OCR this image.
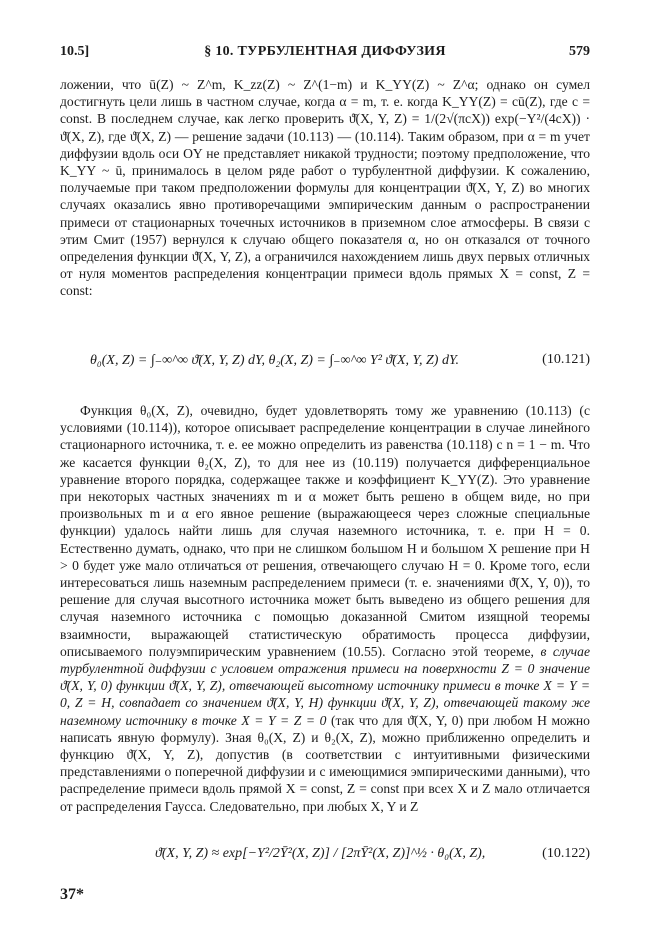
10.5]	§ 10. ТУРБУЛЕНТНАЯ ДИФФУЗИЯ	579

ложении, что ū(Z) ~ Z^m, K_zz(Z) ~ Z^(1−m) и K_YY(Z) ~ Z^α; однако он сумел достигнуть цели лишь в частном случае, когда α = m, т. е. когда K_YY(Z) = cū(Z), где c = const. В последнем случае, как легко проверить ϑ̄(X, Y, Z) = 1/(2√(πcX)) exp(−Y²/(4cX)) · ϑ̄(X, Z), где ϑ̄(X, Z) — решение задачи (10.113) — (10.114). Таким образом, при α = m учет диффузии вдоль оси OY не представляет никакой трудности; поэтому предположение, что K_YY ~ ū, принималось в целом ряде работ о турбулентной диффузии. К сожалению, получаемые при таком предположении формулы для концентрации ϑ̄(X, Y, Z) во многих случаях оказались явно противоречащими эмпирическим данным о распространении примеси от стационарных точечных источников в приземном слое атмосферы. В связи с этим Смит (1957) вернулся к случаю общего показателя α, но он отказался от точного определения функции ϑ̄(X, Y, Z), а ограничился нахождением лишь двух первых отличных от нуля моментов распределения концентрации примеси вдоль прямых X = const, Z = const:

θ₀(X, Z) = ∫₋∞^∞ ϑ̄(X, Y, Z) dY, θ₂(X, Z) = ∫₋∞^∞ Y² ϑ̄(X, Y, Z) dY.	(10.121)

Функция θ₀(X, Z), очевидно, будет удовлетворять тому же уравнению (10.113) (с условиями (10.114)), которое описывает распределение концентрации в случае линейного стационарного источника, т. е. ее можно определить из равенства (10.118) с n = 1 − m. Что же касается функции θ₂(X, Z), то для нее из (10.119) получается дифференциальное уравнение второго порядка, содержащее также и коэффициент K_YY(Z). Это уравнение при некоторых частных значениях m и α может быть решено в общем виде, но при произвольных m и α его явное решение (выражающееся через сложные специальные функции) удалось найти лишь для случая наземного источника, т. е. при H = 0. Естественно думать, однако, что при не слишком большом H и большом X решение при H > 0 будет уже мало отличаться от решения, отвечающего случаю H = 0. Кроме того, если интересоваться лишь наземным распределением примеси (т. е. значениями ϑ̄(X, Y, 0)), то решение для случая высотного источника может быть выведено из общего решения для случая наземного источника с помощью доказанной Смитом изящной теоремы взаимности, выражающей статистическую обратимость процесса диффузии, описываемого полуэмпирическим уравнением (10.55). Согласно этой теореме, в случае турбулентной диффузии с условием отражения примеси на поверхности Z = 0 значение ϑ̄(X, Y, 0) функции ϑ̄(X, Y, Z), отвечающей высотному источнику примеси в точке X = Y = 0, Z = H, совпадает со значением ϑ̄(X, Y, H) функции ϑ̄(X, Y, Z), отвечающей такому же наземному источнику в точке X = Y = Z = 0 (так что для ϑ̄(X, Y, 0) при любом H можно написать явную формулу). Зная θ₀(X, Z) и θ₂(X, Z), можно приближенно определить и функцию ϑ̄(X, Y, Z), допустив (в соответствии с интуитивными физическими представлениями о поперечной диффузии и с имеющимися эмпирическими данными), что распределение примеси вдоль прямой X = const, Z = const при всех X и Z мало отличается от распределения Гаусса. Следовательно, при любых X, Y и Z

ϑ̄(X, Y, Z) ≈ exp[−Y²/2Ȳ²(X, Z)] / [2πȲ²(X, Z)]^½ · θ₀(X, Z),	(10.122)
37*
